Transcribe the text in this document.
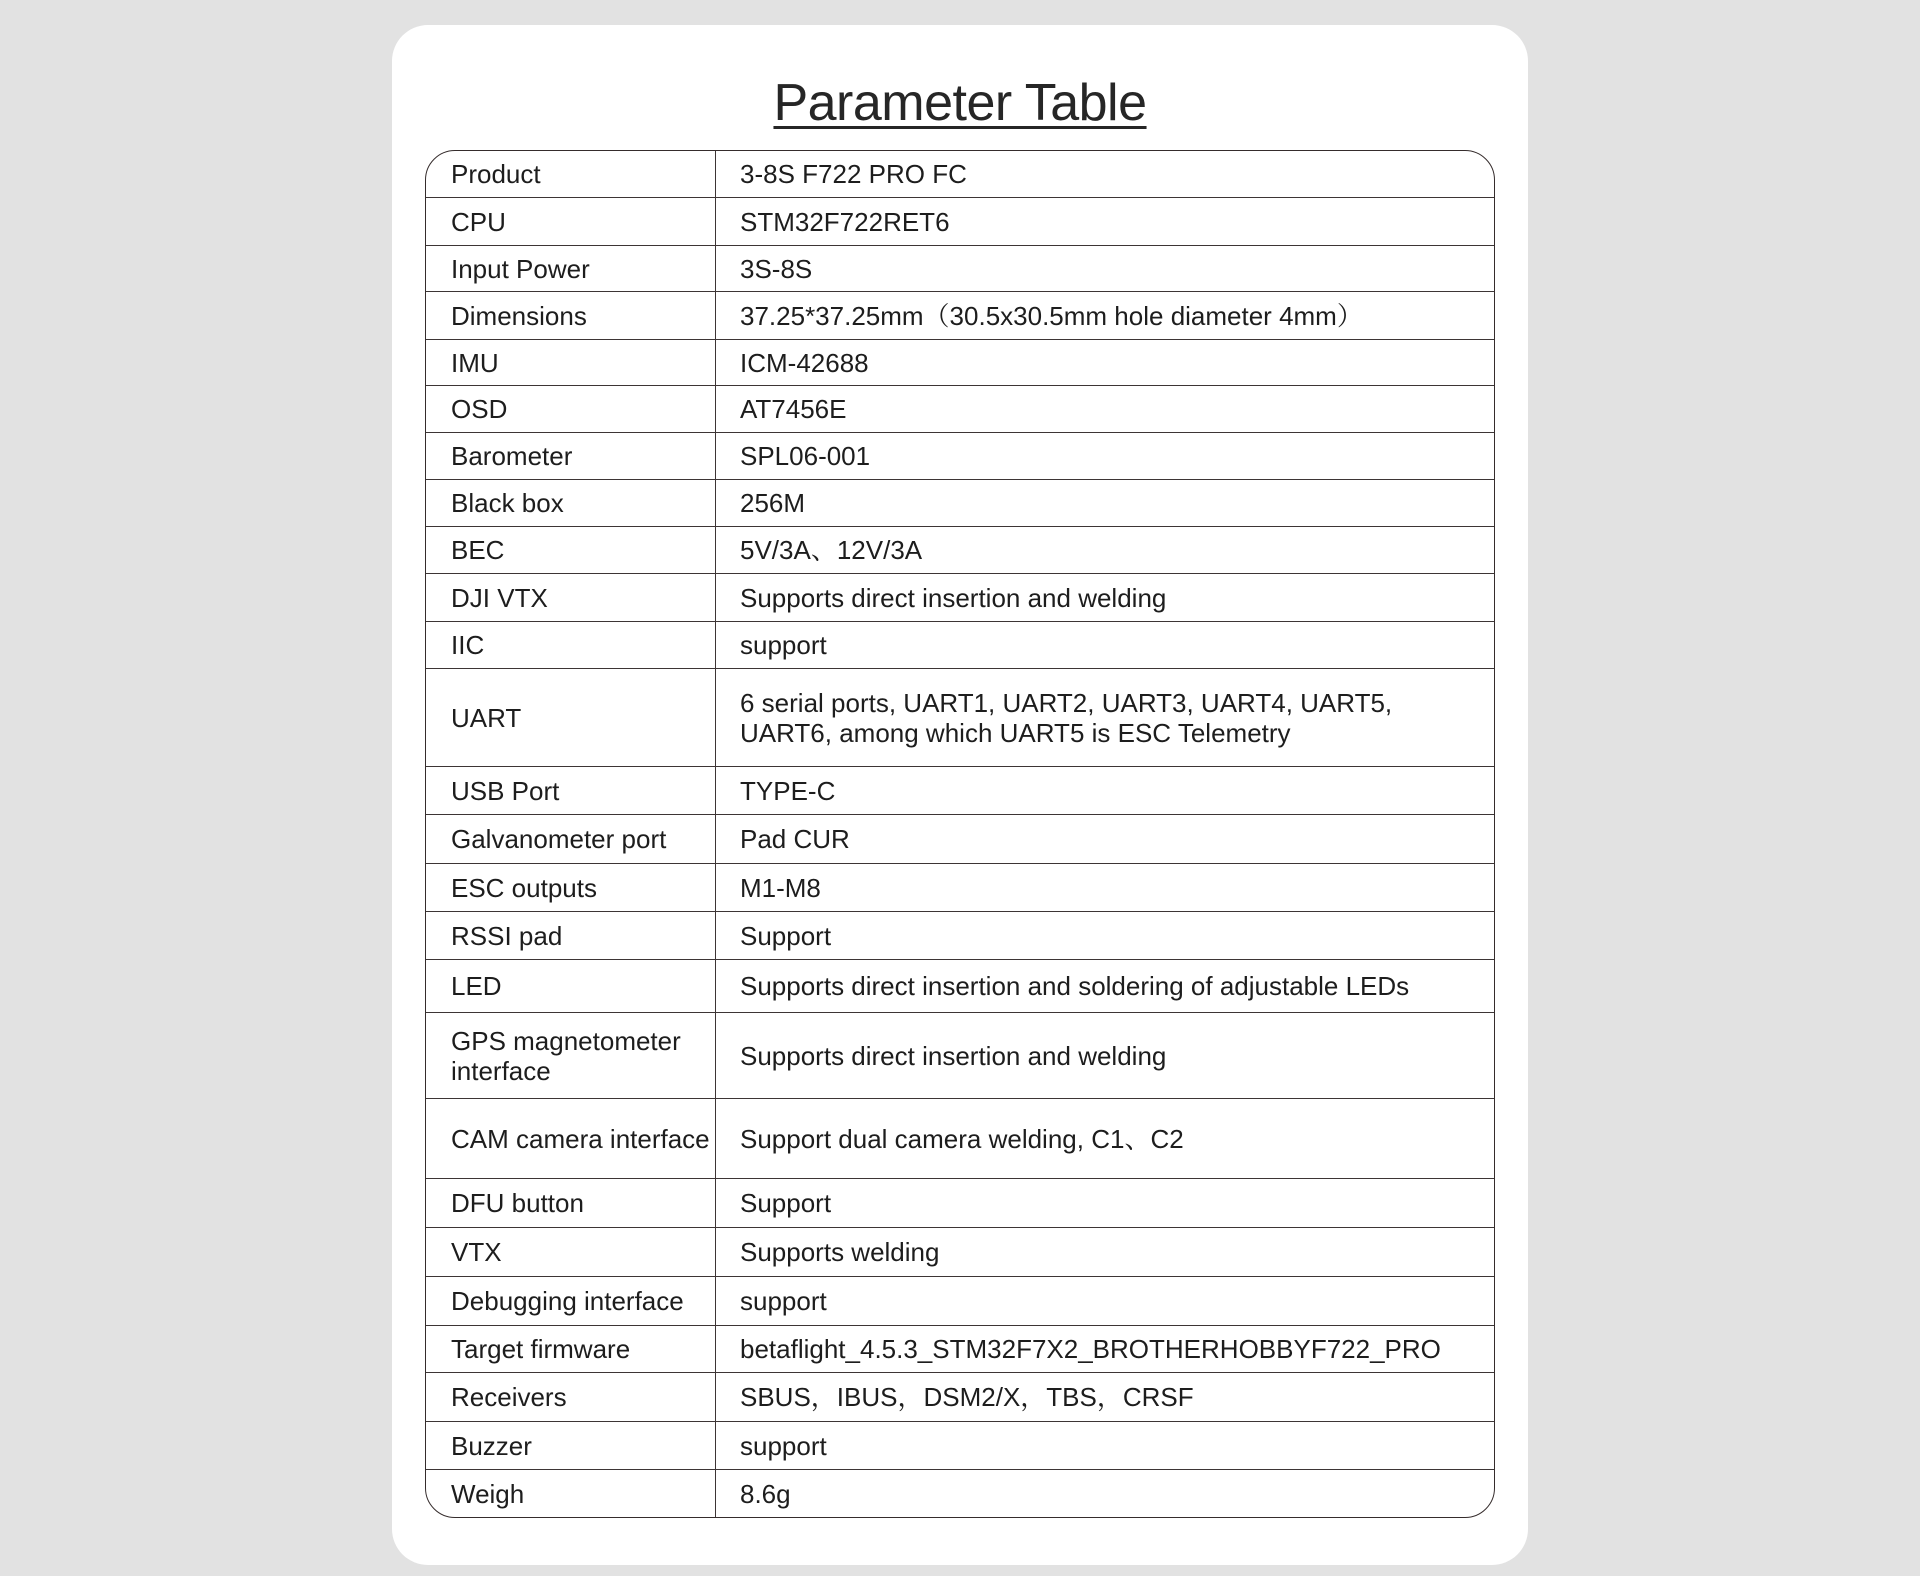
Parameter Table
Product	3-8S F722 PRO FC
CPU	STM32F722RET6
Input Power	3S-8S
Dimensions	37.25*37.25mm（30.5x30.5mm hole diameter 4mm）
IMU	ICM-42688
OSD	AT7456E
Barometer	SPL06-001
Black box	256M
BEC	5V/3A、12V/3A
DJI VTX	Supports direct insertion and welding
IIC	support
UART	6 serial ports, UART1, UART2, UART3, UART4, UART5, UART6, among which UART5 is ESC Telemetry
USB Port	TYPE-C
Galvanometer port	Pad CUR
ESC outputs	M1-M8
RSSI pad	Support
LED	Supports direct insertion and soldering of adjustable LEDs
GPS magnetometer interface	Supports direct insertion and welding
CAM camera interface	Support dual camera welding, C1、C2
DFU button	Support
VTX	Supports welding
Debugging interface	support
Target firmware	betaflight_4.5.3_STM32F7X2_BROTHERHOBBYF722_PRO
Receivers	SBUS，IBUS，DSM2/X，TBS，CRSF
Buzzer	support
Weigh	8.6g
